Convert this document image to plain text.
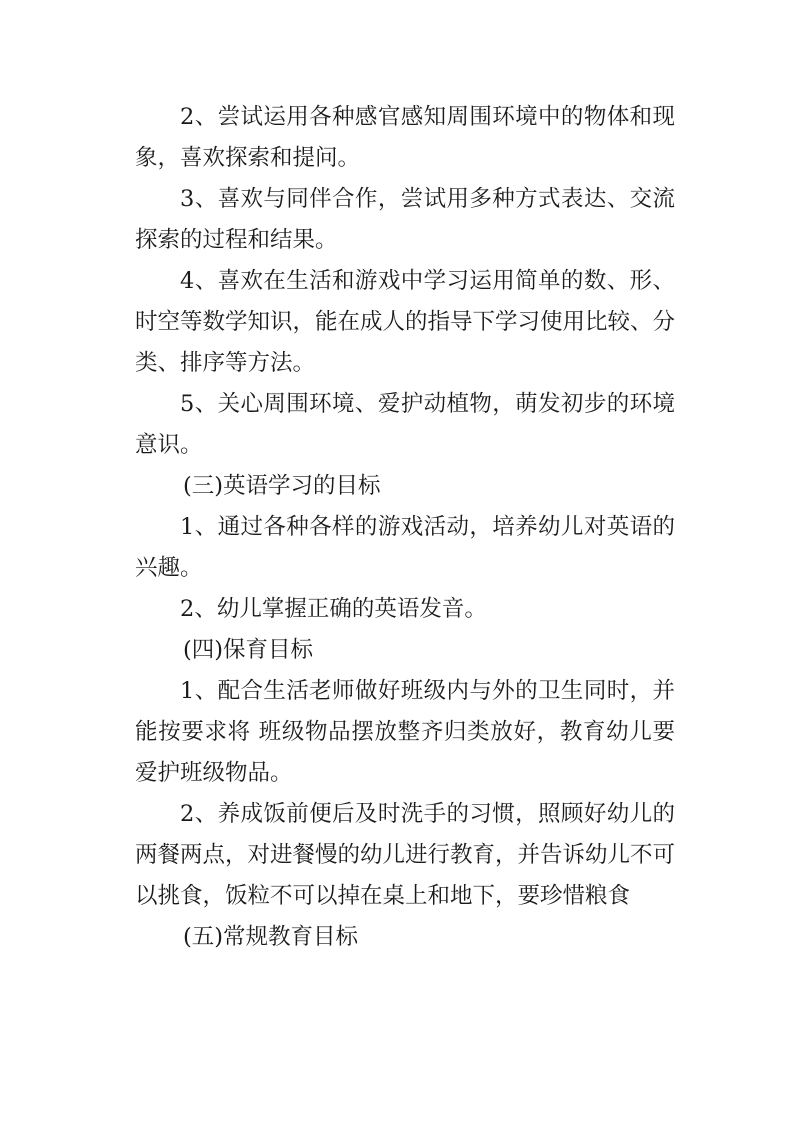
2、尝试运用各种感官感知周围环境中的物体和现象，喜欢探索和提问。

3、喜欢与同伴合作，尝试用多种方式表达、交流探索的过程和结果。

4、喜欢在生活和游戏中学习运用简单的数、形、时空等数学知识，能在成人的指导下学习使用比较、分类、排序等方法。

5、关心周围环境、爱护动植物，萌发初步的环境意识。

(三)英语学习的目标

1、通过各种各样的游戏活动，培养幼儿对英语的兴趣。

2、幼儿掌握正确的英语发音。

(四)保育目标

1、配合生活老师做好班级内与外的卫生同时，并能按要求将 班级物品摆放整齐归类放好，教育幼儿要爱护班级物品。

2、养成饭前便后及时洗手的习惯，照顾好幼儿的两餐两点，对进餐慢的幼儿进行教育，并告诉幼儿不可以挑食，饭粒不可以掉在桌上和地下，要珍惜粮食

(五)常规教育目标
